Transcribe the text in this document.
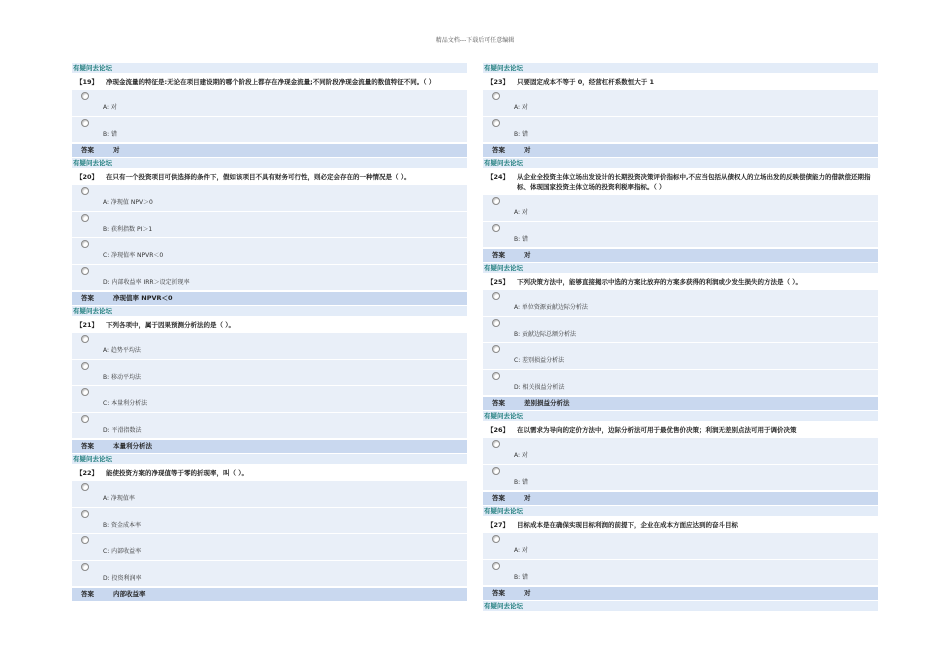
精品文档---下载后可任意编辑
有疑问去论坛
【19】	净现金流量的特征是:无论在项目建设期的哪个阶段上都存在净现金流量;不同阶段净现金流量的数值特征不同。（ ）
A: 对
B: 错
答案	对
有疑问去论坛
【20】	在只有一个投资项目可供选择的条件下，假如该项目不具有财务可行性，则必定会存在的一种情况是（ ）。
A: 净现值 NPV＞0
B: 获利指数 PI＞1
C: 净现值率 NPVR＜0
D: 内部收益率 IRR＞设定折现率
答案	净现值率 NPVR＜0
有疑问去论坛
【21】	下列各项中，属于因果预测分析法的是（ ）。
A: 趋势平均法
B: 移动平均法
C: 本量利分析法
D: 平滑指数法
答案	本量利分析法
有疑问去论坛
【22】	能使投资方案的净现值等于零的折现率，叫（ ）。
A: 净现值率
B: 资金成本率
C: 内部收益率
D: 投资利润率
答案	内部收益率
有疑问去论坛
【23】	只要固定成本不等于 0，经营杠杆系数恒大于 1
A: 对
B: 错
答案	对
有疑问去论坛
【24】	从企业全投资主体立场出发设计的长期投资决策评价指标中,不应当包括从债权人的立场出发的反映偿债能力的借款偿还期指标、体现国家投资主体立场的投资利税率指标。（ ）
A: 对
B: 错
答案	对
有疑问去论坛
【25】	下列决策方法中，能够直接揭示中选的方案比放弃的方案多获得的利润或少发生损失的方法是（ ）。
A: 单位资源贡献边际分析法
B: 贡献边际总额分析法
C: 差别损益分析法
D: 相关损益分析法
答案	差别损益分析法
有疑问去论坛
【26】	在以需求为导向的定价方法中，边际分析法可用于最优售价决策；利润无差别点法可用于调价决策
A: 对
B: 错
答案	对
有疑问去论坛
【27】	目标成本是在确保实现目标利润的前提下，企业在成本方面应达到的奋斗目标
A: 对
B: 错
答案	对
有疑问去论坛
